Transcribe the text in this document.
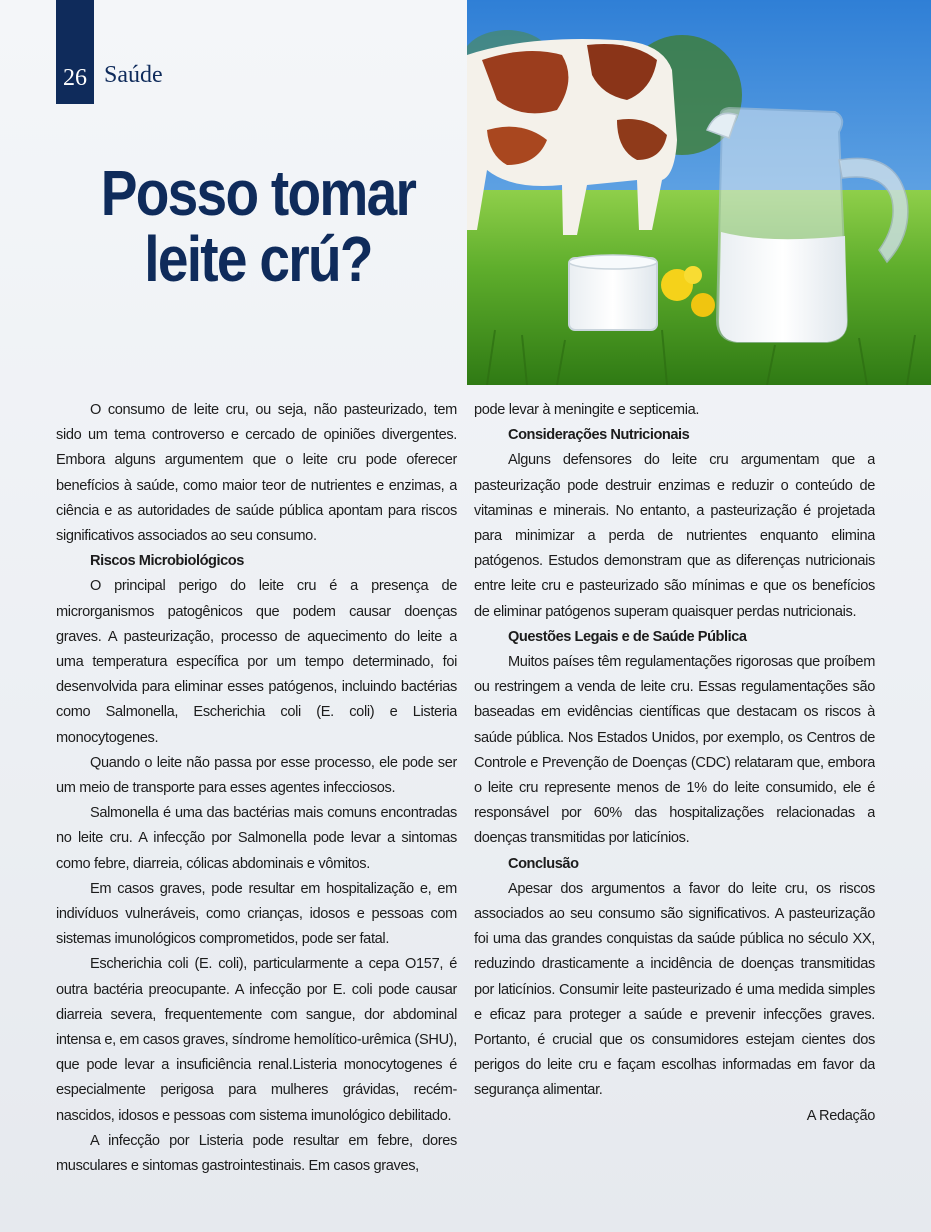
26 Saúde
Posso tomar
leite crú?

O consumo de leite cru, ou seja, não pasteurizado, tem sido um tema controverso e cercado de opiniões divergentes. Embora alguns argumentem que o leite cru pode oferecer benefícios à saúde, como maior teor de nutrientes e enzimas, a ciência e as autoridades de saúde pública apontam para riscos significativos associados ao seu consumo.

Riscos Microbiológicos

O principal perigo do leite cru é a presença de microrganismos patogênicos que podem causar doenças graves. A pasteurização, processo de aquecimento do leite a uma temperatura específica por um tempo determinado, foi desenvolvida para eliminar esses patógenos, incluindo bactérias como Salmonella, Escherichia coli (E. coli) e Listeria monocytogenes.

Quando o leite não passa por esse processo, ele pode ser um meio de transporte para esses agentes infecciosos.

Salmonella é uma das bactérias mais comuns encontradas no leite cru. A infecção por Salmonella pode levar a sintomas como febre, diarreia, cólicas abdominais e vômitos.

Em casos graves, pode resultar em hospitalização e, em indivíduos vulneráveis, como crianças, idosos e pessoas com sistemas imunológicos comprometidos, pode ser fatal.

Escherichia coli (E. coli), particularmente a cepa O157, é outra bactéria preocupante. A infecção por E. coli pode causar diarreia severa, frequentemente com sangue, dor abdominal intensa e, em casos graves, síndrome hemolítico-urêmica (SHU), que pode levar a insuficiência renal.Listeria monocytogenes é especialmente perigosa para mulheres grávidas, recém-nascidos, idosos e pessoas com sistema imunológico debilitado.

A infecção por Listeria pode resultar em febre, dores musculares e sintomas gastrointestinais. Em casos graves,

pode levar à meningite e septicemia.

Considerações Nutricionais

Alguns defensores do leite cru argumentam que a pasteurização pode destruir enzimas e reduzir o conteúdo de vitaminas e minerais. No entanto, a pasteurização é projetada para minimizar a perda de nutrientes enquanto elimina patógenos. Estudos demonstram que as diferenças nutricionais entre leite cru e pasteurizado são mínimas e que os benefícios de eliminar patógenos superam quaisquer perdas nutricionais.

Questões Legais e de Saúde Pública

Muitos países têm regulamentações rigorosas que proíbem ou restringem a venda de leite cru. Essas regulamentações são baseadas em evidências científicas que destacam os riscos à saúde pública. Nos Estados Unidos, por exemplo, os Centros de Controle e Prevenção de Doenças (CDC) relataram que, embora o leite cru represente menos de 1% do leite consumido, ele é responsável por 60% das hospitalizações relacionadas a doenças transmitidas por laticínios.

Conclusão

Apesar dos argumentos a favor do leite cru, os riscos associados ao seu consumo são significativos. A pasteurização foi uma das grandes conquistas da saúde pública no século XX, reduzindo drasticamente a incidência de doenças transmitidas por laticínios. Consumir leite pasteurizado é uma medida simples e eficaz para proteger a saúde e prevenir infecções graves. Portanto, é crucial que os consumidores estejam cientes dos perigos do leite cru e façam escolhas informadas em favor da segurança alimentar.

A Redação
